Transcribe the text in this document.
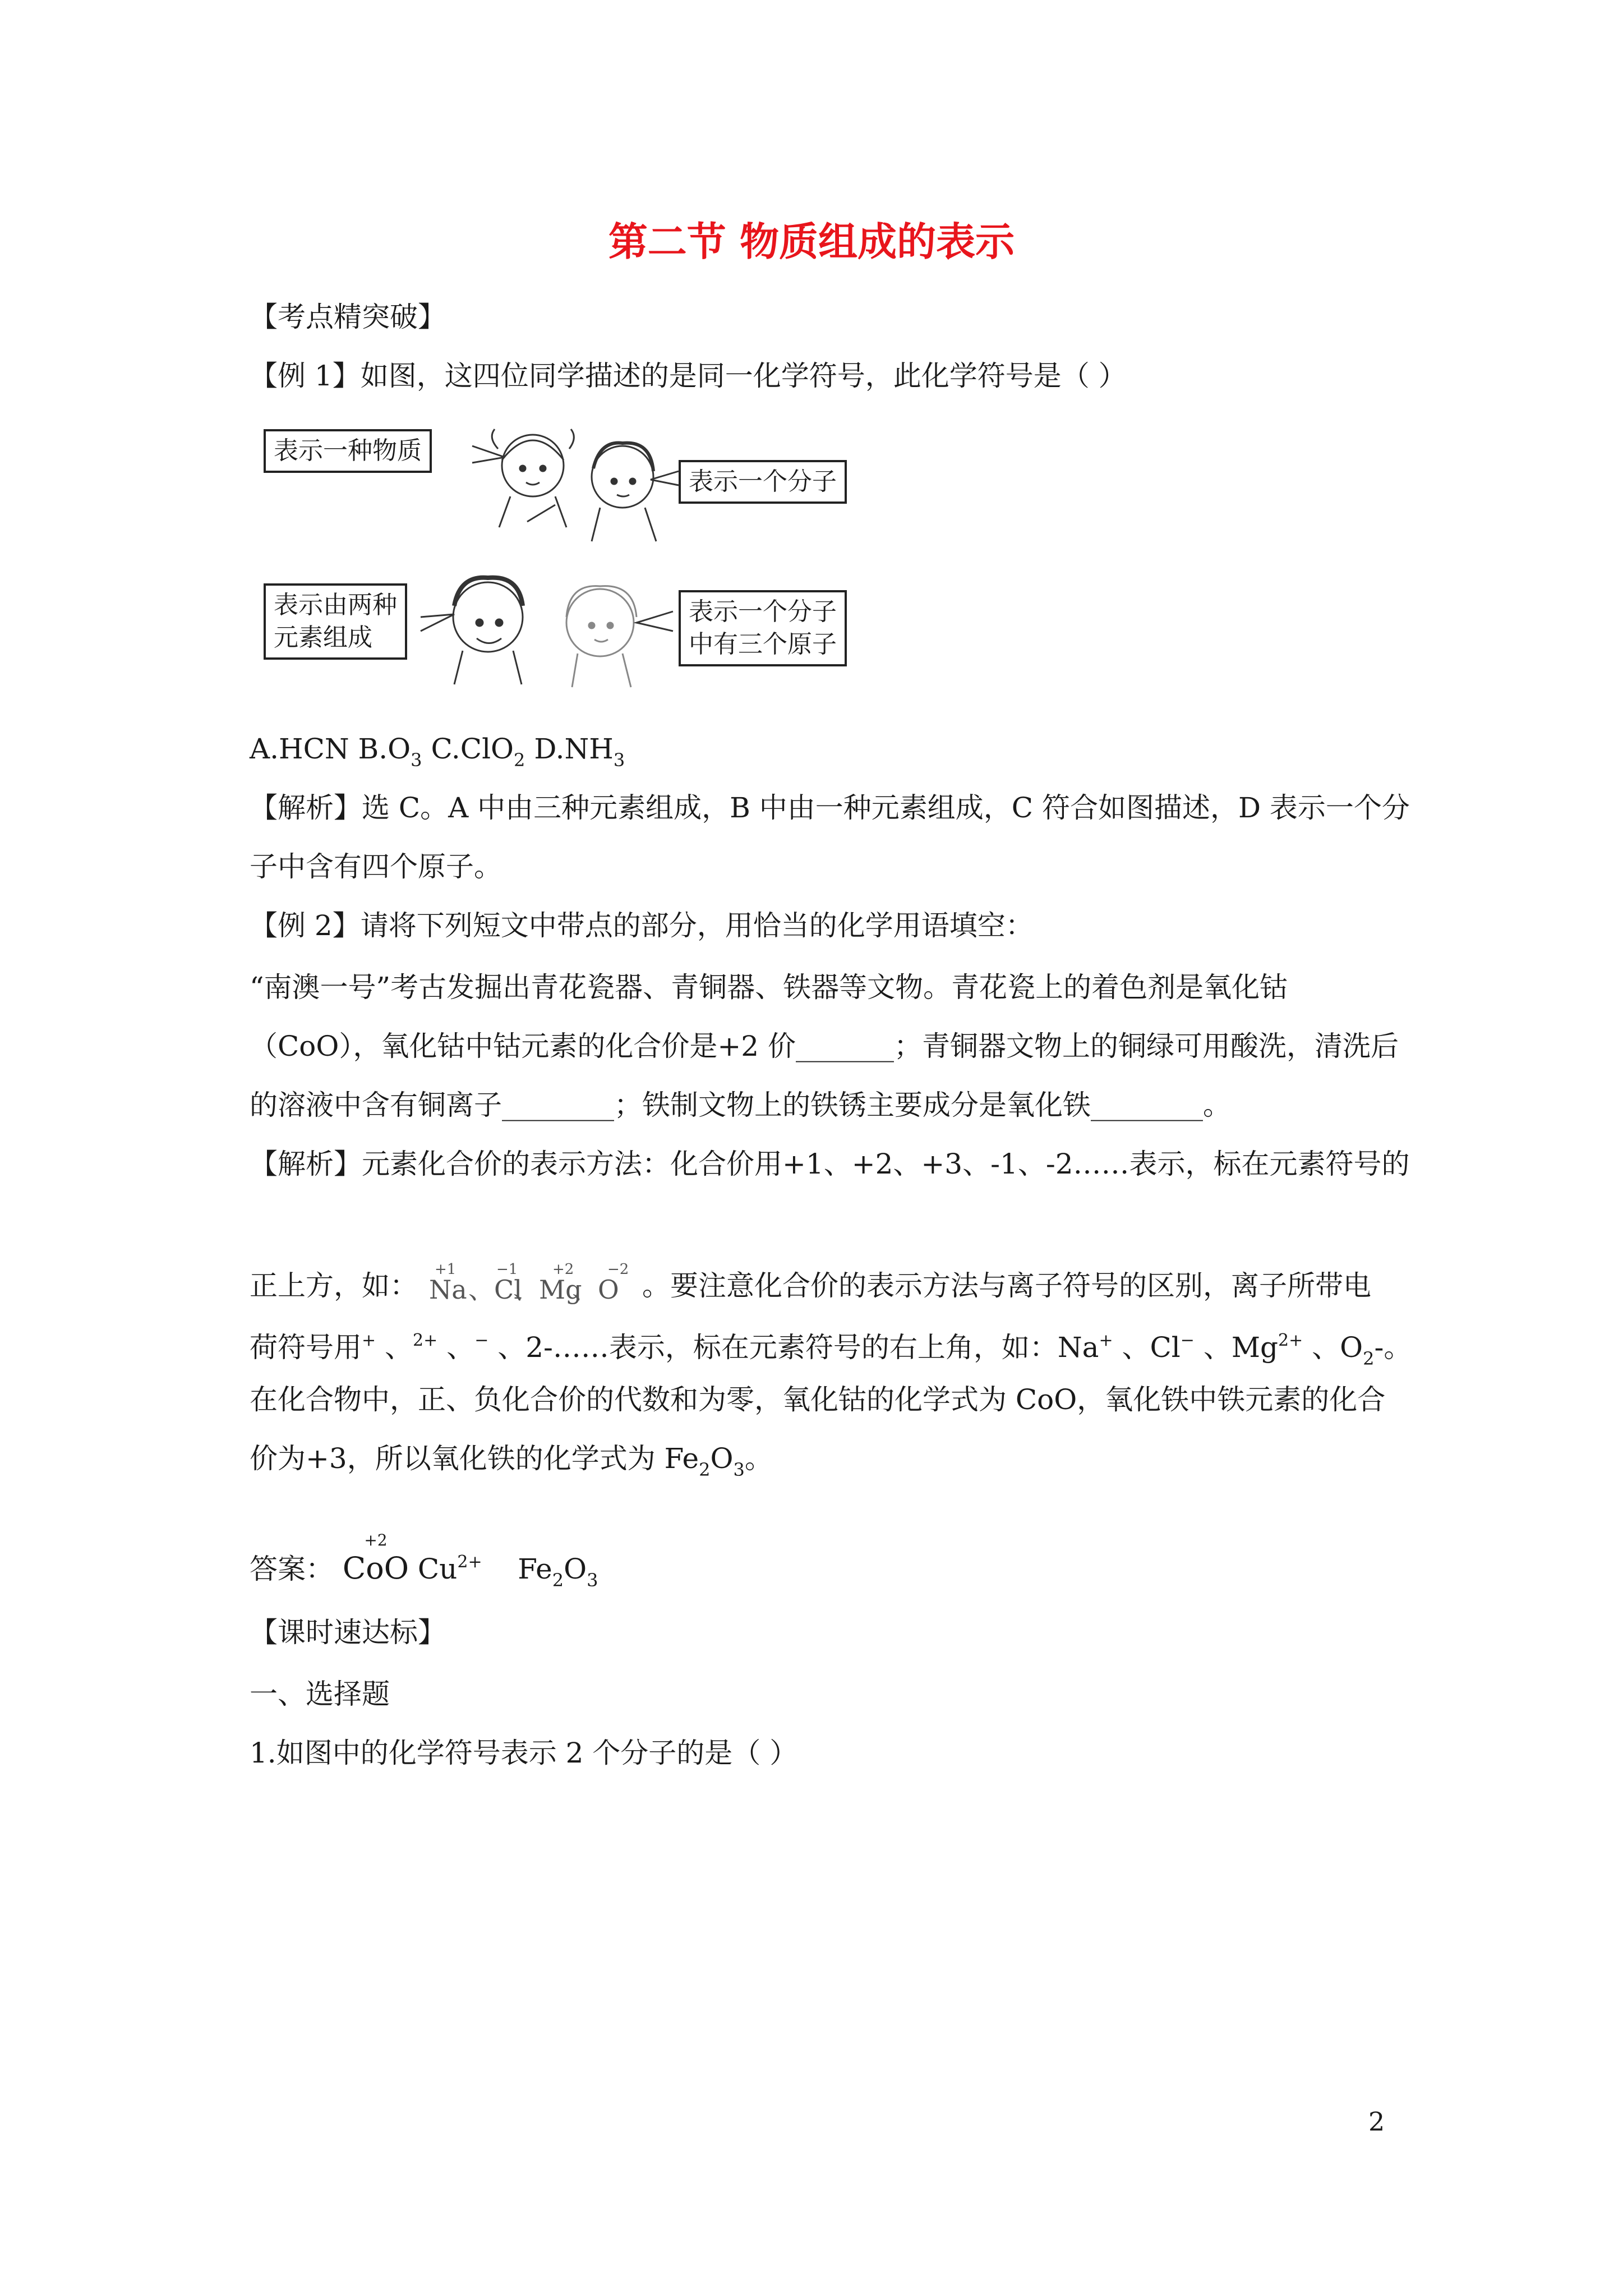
第二节 物质组成的表示
【考点精突破】
【例 1】如图，这四位同学描述的是同一化学符号，此化学符号是（ ）
表示一种物质
表示一个分子
表示由两种
元素组成
表示一个分子
中有三个原子
A.HCN $B.O_3$ C.ClO$_2$ $D.NH_3$
【解析】选 C。A 中由三种元素组成，B 中由一种元素组成，C 符合如图描述，D 表示一个分
子中含有四个原子。
【例 2】请将下列短文中带点的部分，用恰当的化学用语填空：
“南澳一号”考古发掘出青花瓷器、青铜器、铁器等文物。青花瓷上的着色剂是氧化钴
（CoO），氧化钴中钴元素的化合价是+2 价_______；青铜器文物上的铜绿可用酸洗，清洗后
的溶液中含有铜离子________；铁制文物上的铁锈主要成分是氧化铁________。
【解析】元素化合价的表示方法：化合价用+1、+2、+3、-1、-2……表示，标在元素符号的
正上方，如： +1
Na
−1
、Cl
+2
、Mg
−2
、O 。要注意化合价的表示方法与离子符号的区别，离子所带电
荷符号用+ 、$^{2+}$ 、− 、2-……表示，标在元素符号的右上角，如：Na+ 、Cl− 、$Mg^{2+}$ 、$O_2-$。
在化合物中，正、负化合价的代数和为零，氧化钴的化学式为 CoO，氧化铁中铁元素的化合
价为+3，所以氧化铁的化学式为 $Fe_2O_3$。
答案：
+2
CoO $Cu^{2+}$ $Fe_2O_3$
【课时速达标】
一、选择题
1.如图中的化学符号表示 2 个分子的是（ ）
2
